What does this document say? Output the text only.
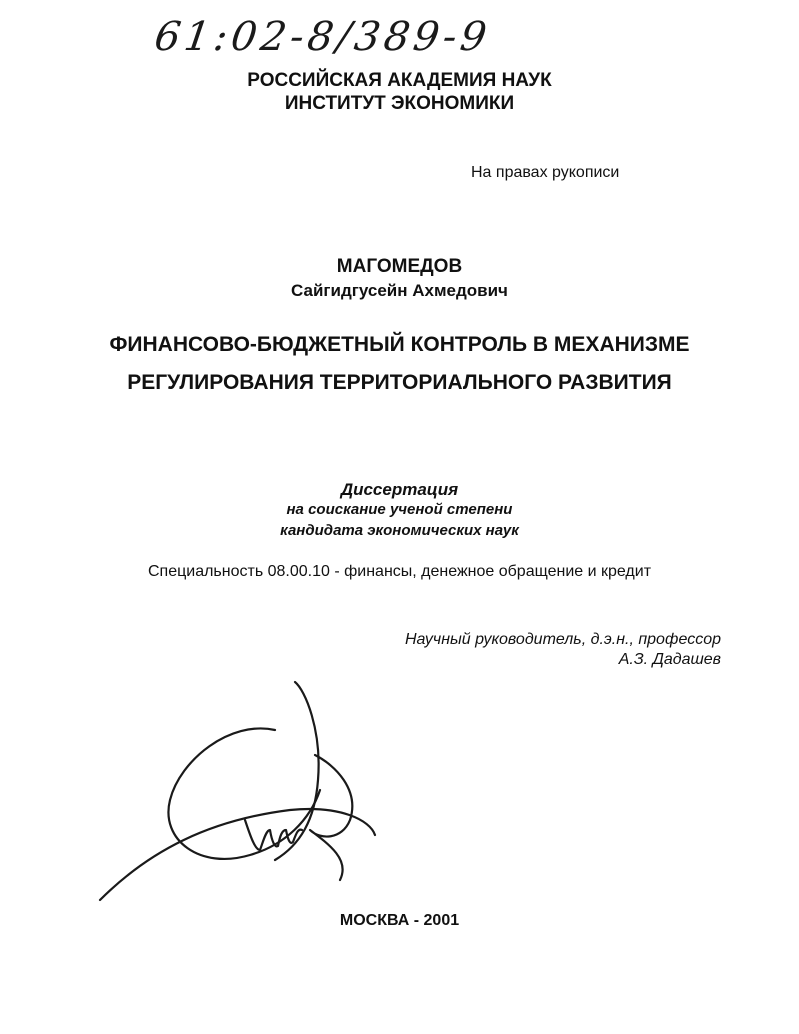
61:02-8/389-9
РОССИЙСКАЯ АКАДЕМИЯ НАУК
ИНСТИТУТ ЭКОНОМИКИ
На правах рукописи
МАГОМЕДОВ
Сайгидгусейн Ахмедович
ФИНАНСОВО-БЮДЖЕТНЫЙ КОНТРОЛЬ В МЕХАНИЗМЕ
РЕГУЛИРОВАНИЯ ТЕРРИТОРИАЛЬНОГО РАЗВИТИЯ
Диссертация
на соискание ученой степени
кандидата экономических наук
Специальность 08.00.10 - финансы, денежное обращение и кредит
Научный руководитель, д.э.н., профессор
А.З. Дадашев
МОСКВА - 2001
